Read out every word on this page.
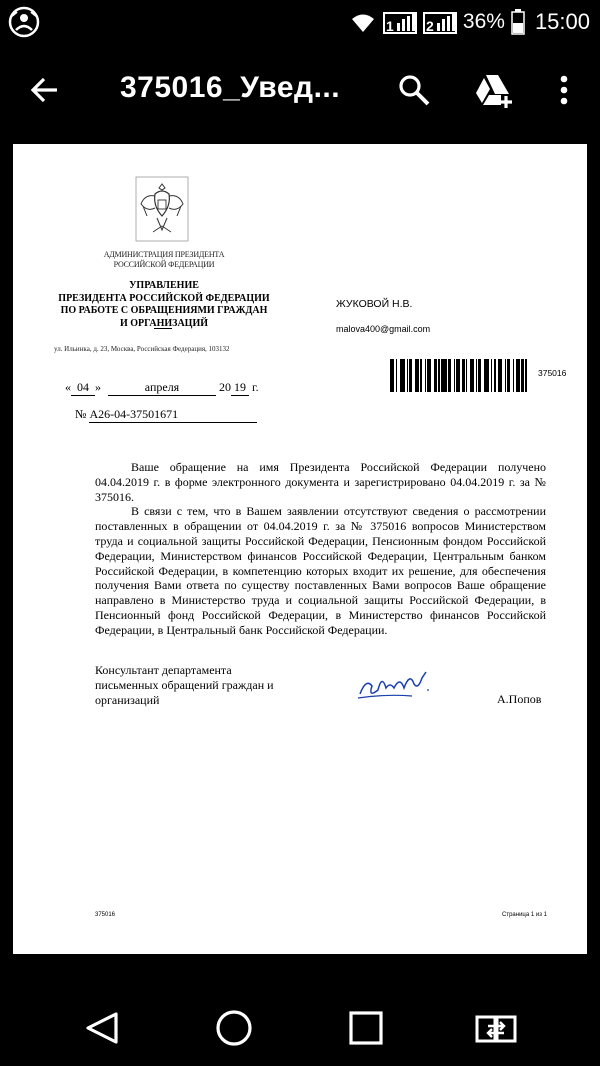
1 2 36% 15:00
375016_Увед...
АДМИНИСТРАЦИЯ ПРЕЗИДЕНТА
РОССИЙСКОЙ ФЕДЕРАЦИИ
УПРАВЛЕНИЕ
ПРЕЗИДЕНТА РОССИЙСКОЙ ФЕДЕРАЦИИ
ПО РАБОТЕ С ОБРАЩЕНИЯМИ ГРАЖДАН
И ОРГАНИЗАЦИЙ
ул. Ильинка, д. 23, Москва, Российская Федерация, 103132
ЖУКОВОЙ Н.В.
malova400@gmail.com
375016
« 04 »	апреля	20 19 г.
№ А26-04-37501671

Ваше обращение на имя Президента Российской Федерации получено 04.04.2019 г. в форме электронного документа и зарегистрировано 04.04.2019 г. за № 375016.

В связи с тем, что в Вашем заявлении отсутствуют сведения о рассмотрении поставленных в обращении от 04.04.2019 г. за № 375016 вопросов Министерством труда и социальной защиты Российской Федерации, Пенсионным фондом Российской Федерации, Министерством финансов Российской Федерации, Центральным банком Российской Федерации, в компетенцию которых входит их решение, для обеспечения получения Вами ответа по существу поставленных Вами вопросов Ваше обращение направлено в Министерство труда и социальной защиты Российской Федерации, в Пенсионный фонд Российской Федерации, в Министерство финансов Российской Федерации, в Центральный банк Российской Федерации.

Консультант департамента
письменных обращений граждан и
организаций	А.Попов
375016	Страница 1 из 1
